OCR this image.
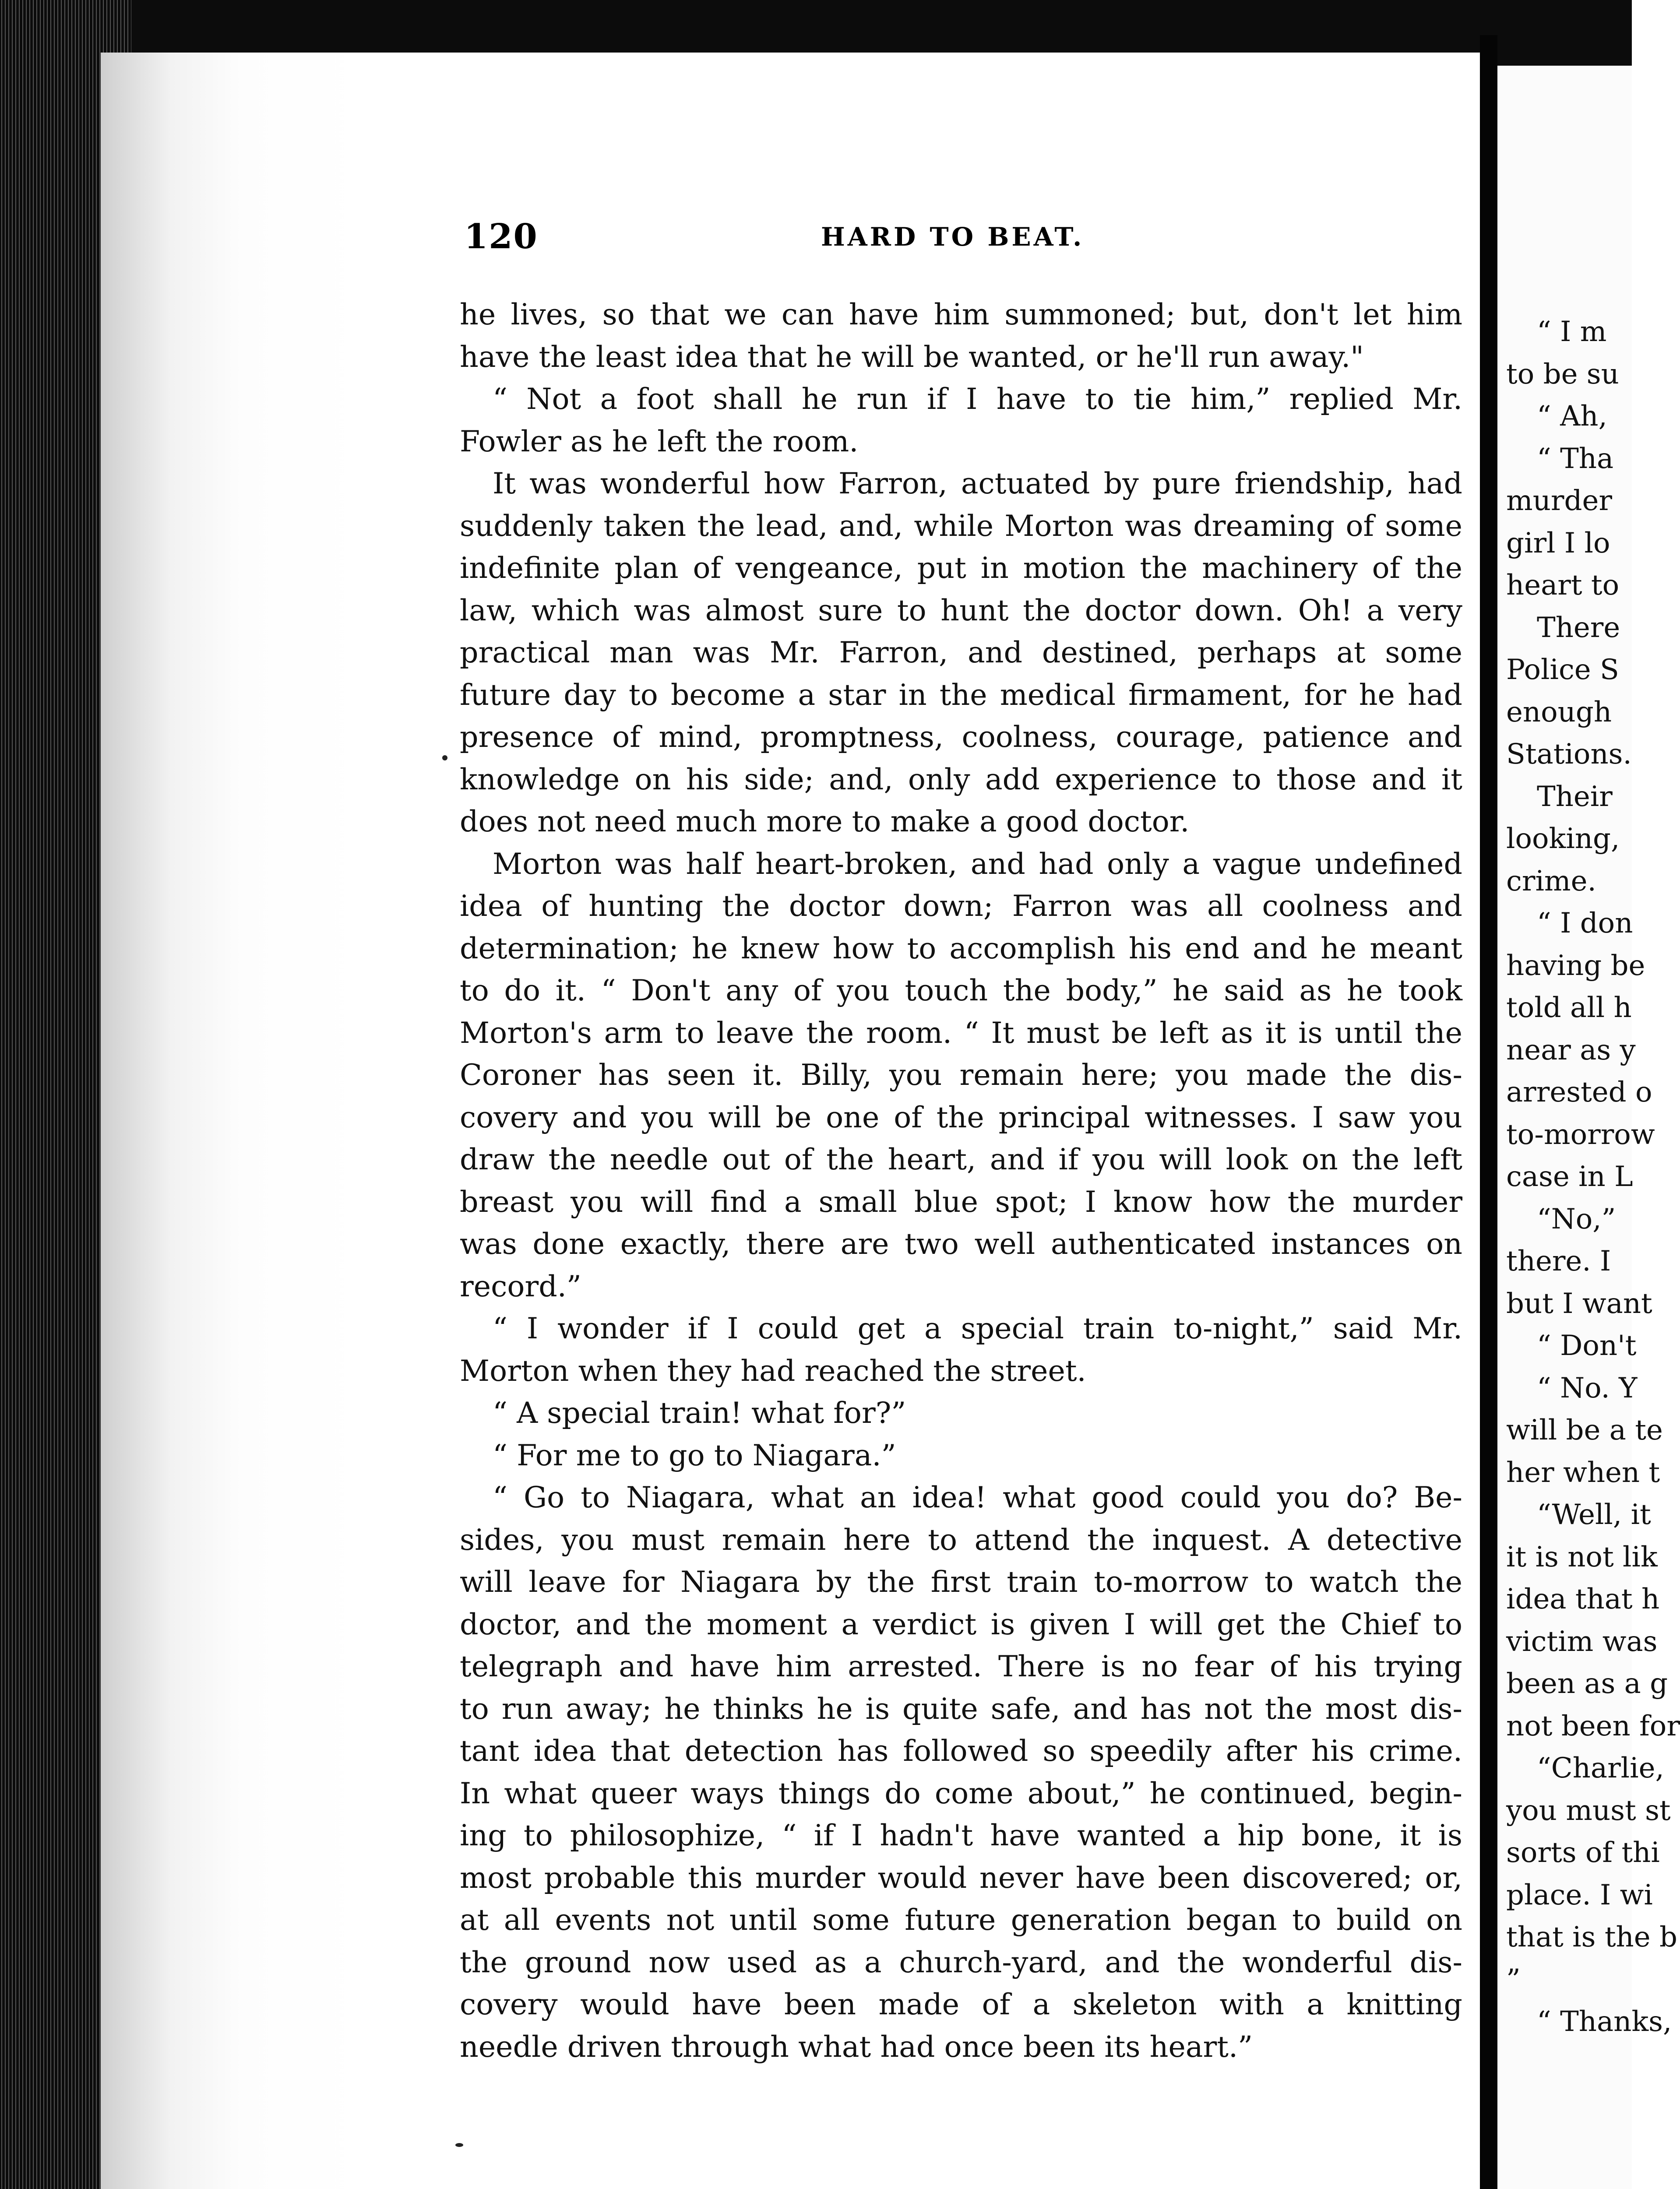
120	HARD TO BEAT.
he lives, so that we can have him summoned; but, don't let him
have the least idea that he will be wanted, or he'll run away."
“ Not a foot shall he run if I have to tie him,” replied Mr.
Fowler as he left the room.
It was wonderful how Farron, actuated by pure friendship, had
suddenly taken the lead, and, while Morton was dreaming of some
indefinite plan of vengeance, put in motion the machinery of the
law, which was almost sure to hunt the doctor down. Oh! a very
practical man was Mr. Farron, and destined, perhaps at some
future day to become a star in the medical firmament, for he had
presence of mind, promptness, coolness, courage, patience and
knowledge on his side; and, only add experience to those and it
does not need much more to make a good doctor.
Morton was half heart-broken, and had only a vague undefined
idea of hunting the doctor down; Farron was all coolness and
determination; he knew how to accomplish his end and he meant
to do it. “ Don't any of you touch the body,” he said as he took
Morton's arm to leave the room. “ It must be left as it is until the
Coroner has seen it. Billy, you remain here; you made the dis-
covery and you will be one of the principal witnesses. I saw you
draw the needle out of the heart, and if you will look on the left
breast you will find a small blue spot; I know how the murder
was done exactly, there are two well authenticated instances on
record.”
“ I wonder if I could get a special train to-night,” said Mr.
Morton when they had reached the street.
“ A special train! what for?”
“ For me to go to Niagara.”
“ Go to Niagara, what an idea! what good could you do? Be-
sides, you must remain here to attend the inquest. A detective
will leave for Niagara by the first train to-morrow to watch the
doctor, and the moment a verdict is given I will get the Chief to
telegraph and have him arrested. There is no fear of his trying
to run away; he thinks he is quite safe, and has not the most dis-
tant idea that detection has followed so speedily after his crime.
In what queer ways things do come about,” he continued, begin-
ing to philosophize, “ if I hadn't have wanted a hip bone, it is
most probable this murder would never have been discovered; or,
at all events not until some future generation began to build on
the ground now used as a church-yard, and the wonderful dis-
covery would have been made of a skeleton with a knitting
needle driven through what had once been its heart.”
“ I m
to be su
“ Ah,
“ Tha
murder
girl I lo
heart to
There
Police S
enough
Stations.
Their
looking,
crime.
“ I don
having be
told all h
near as y
arrested o
to-morrow
case in L
“No,”
there. I
but I want
“ Don't
“ No. Y
will be a te
her when t
“Well, it
it is not lik
idea that h
victim was
been as a g
not been for
“Charlie,
you must st
sorts of thi
place. I wi
that is the b
”
“ Thanks,
